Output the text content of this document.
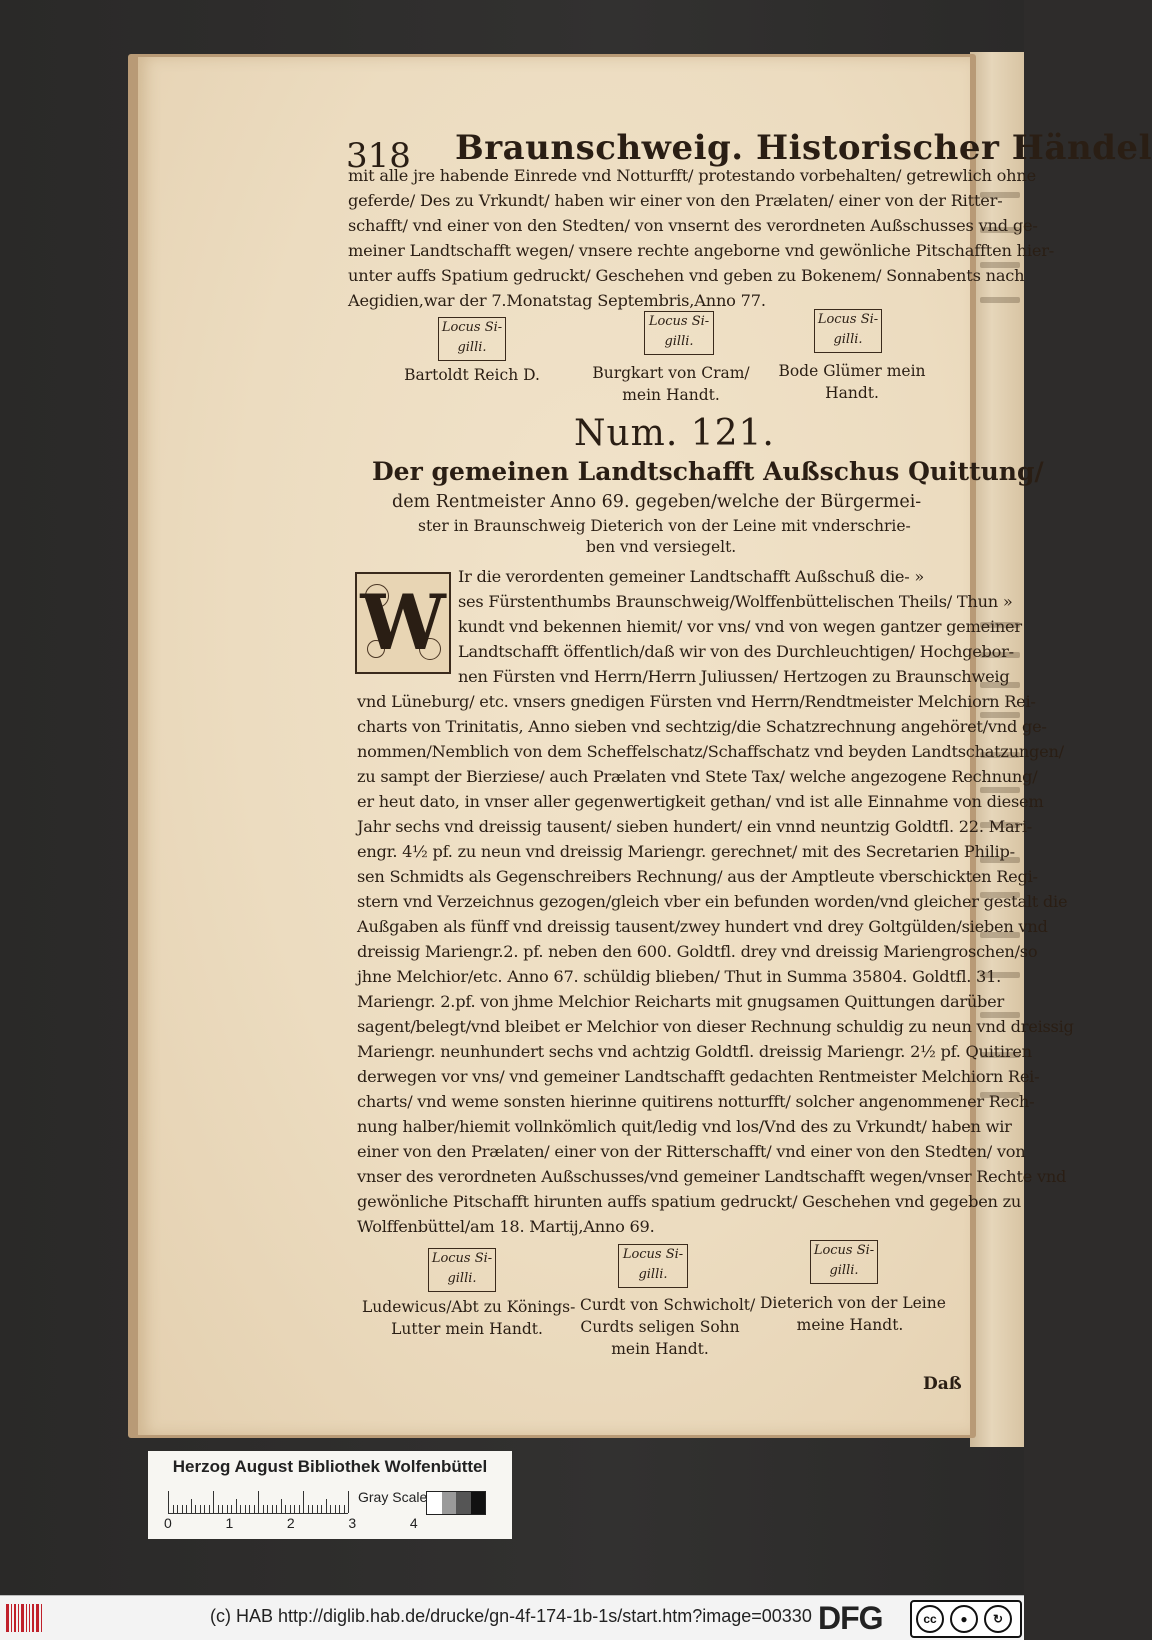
318 Braunschweig. Historischer Händel
mit alle jre habende Einrede vnd Notturfft/ protestando vorbehalten/ getrewlich ohne
geferde/ Des zu Vrkundt/ haben wir einer von den Prælaten/ einer von der Ritter-
schafft/ vnd einer von den Stedten/ von vnsernt des verordneten Außschusses vnd ge-
meiner Landtschafft wegen/ vnsere rechte angeborne vnd gewönliche Pitschafften hier-
unter auffs Spatium gedruckt/ Geschehen vnd geben zu Bokenem/ Sonnabents nach
Aegidien,war der 7.Monatstag Septembris,Anno 77.
Locus Si-
gilli.
Locus Si-
gilli.
Locus Si-
gilli.
Bartoldt Reich D.	Burgkart von Cram/
mein Handt.
Bode Glümer mein
Handt.
Num. 121.
Der gemeinen Landtschafft Außschus Quittung/
dem Rentmeister Anno 69. gegeben/welche der Bürgermei-
ster in Braunschweig Dieterich von der Leine mit vnderschrie-
ben vnd versiegelt.
W
Ir die verordenten gemeiner Landtschafft Außschuß die- »
ses Fürstenthumbs Braunschweig/Wolffenbüttelischen Theils/ Thun »
kundt vnd bekennen hiemit/ vor vns/ vnd von wegen gantzer gemeiner
Landtschafft öffentlich/daß wir von des Durchleuchtigen/ Hochgebor-
nen Fürsten vnd Herrn/Herrn Juliussen/ Hertzogen zu Braunschweig
vnd Lüneburg/ etc. vnsers gnedigen Fürsten vnd Herrn/Rendtmeister Melchiorn Rei-
charts von Trinitatis, Anno sieben vnd sechtzig/die Schatzrechnung angehöret/vnd ge-
nommen/Nemblich von dem Scheffelschatz/Schaffschatz vnd beyden Landtschatzungen/
zu sampt der Bierziese/ auch Prælaten vnd Stete Tax/ welche angezogene Rechnung/
er heut dato, in vnser aller gegenwertigkeit gethan/ vnd ist alle Einnahme von diesem
Jahr sechs vnd dreissig tausent/ sieben hundert/ ein vnnd neuntzig Goldtfl. 22. Mari-
engr. 4½ pf. zu neun vnd dreissig Mariengr. gerechnet/ mit des Secretarien Philip-
sen Schmidts als Gegenschreibers Rechnung/ aus der Amptleute vberschickten Regi-
stern vnd Verzeichnus gezogen/gleich vber ein befunden worden/vnd gleicher gestalt die
Außgaben als fünff vnd dreissig tausent/zwey hundert vnd drey Goltgülden/sieben vnd
dreissig Mariengr.2. pf. neben den 600. Goldtfl. drey vnd dreissig Mariengroschen/so
jhne Melchior/etc. Anno 67. schüldig blieben/ Thut in Summa 35804. Goldtfl. 31.
Mariengr. 2.pf. von jhme Melchior Reicharts mit gnugsamen Quittungen darüber
sagent/belegt/vnd bleibet er Melchior von dieser Rechnung schuldig zu neun vnd dreissig
Mariengr. neunhundert sechs vnd achtzig Goldtfl. dreissig Mariengr. 2½ pf. Quitiren
derwegen vor vns/ vnd gemeiner Landtschafft gedachten Rentmeister Melchiorn Rei-
charts/ vnd weme sonsten hierinne quitirens notturfft/ solcher angenommener Rech-
nung halber/hiemit vollnkömlich quit/ledig vnd los/Vnd des zu Vrkundt/ haben wir
einer von den Prælaten/ einer von der Ritterschafft/ vnd einer von den Stedten/ von
vnser des verordneten Außschusses/vnd gemeiner Landtschafft wegen/vnser Rechte vnd
gewönliche Pitschafft hirunten auffs spatium gedruckt/ Geschehen vnd gegeben zu
Wolffenbüttel/am 18. Martij,Anno 69.
Locus Si-
gilli.
Locus Si-
gilli.
Locus Si-
gilli.
Ludewicus/Abt zu Könings-
Lutter mein Handt.
Curdt von Schwicholt/
Curdts seligen Sohn
mein Handt.
Dieterich von der Leine
meine Handt.
Daß
Herzog August Bibliothek Wolfenbüttel
0   1   2   3   4
Gray Scale
(c) HAB http://diglib.hab.de/drucke/gn-4f-174-1b-1s/start.htm?image=00330 DFG	cc	●	↻
